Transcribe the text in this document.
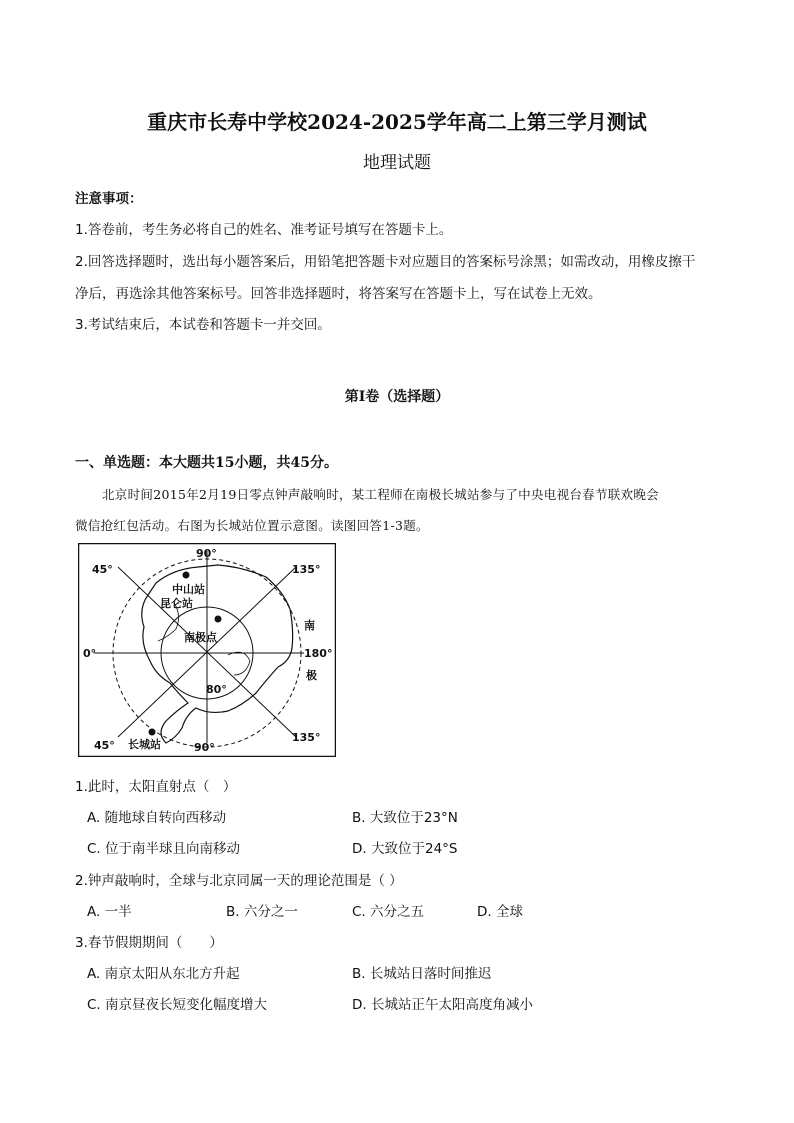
重庆市长寿中学校2024-2025学年高二上第三学月测试
地理试题
注意事项：
1.答卷前，考生务必将自己的姓名、准考证号填写在答题卡上。
2.回答选择题时，选出每小题答案后，用铅笔把答题卡对应题目的答案标号涂黑；如需改动，用橡皮擦干
净后，再选涂其他答案标号。回答非选择题时，将答案写在答题卡上，写在试卷上无效。
3.考试结束后，本试卷和答题卡一并交回。
第Ⅰ卷（选择题）
一、单选题：本大题共15小题，共45分。
北京时间2015年2月19日零点钟声敲响时，某工程师在南极长城站参与了中央电视台春节联欢晚会
微信抢红包活动。右图为长城站位置示意图。读图回答1-3题。
90°
45°	135°
0°	180°
45°	90°
135°
80°
中山站
昆仑站
南极点
长城站
南
极
1.此时，太阳直射点（　）
A. 随地球自转向西移动	B. 大致位于23°N
C. 位于南半球且向南移动	D. 大致位于24°S
2.钟声敲响时，全球与北京同属一天的理论范围是（ ）
A. 一半	B. 六分之一	C. 六分之五	D. 全球
3.春节假期期间（　　）
A. 南京太阳从东北方升起	B. 长城站日落时间推迟
C. 南京昼夜长短变化幅度增大	D. 长城站正午太阳高度角减小
